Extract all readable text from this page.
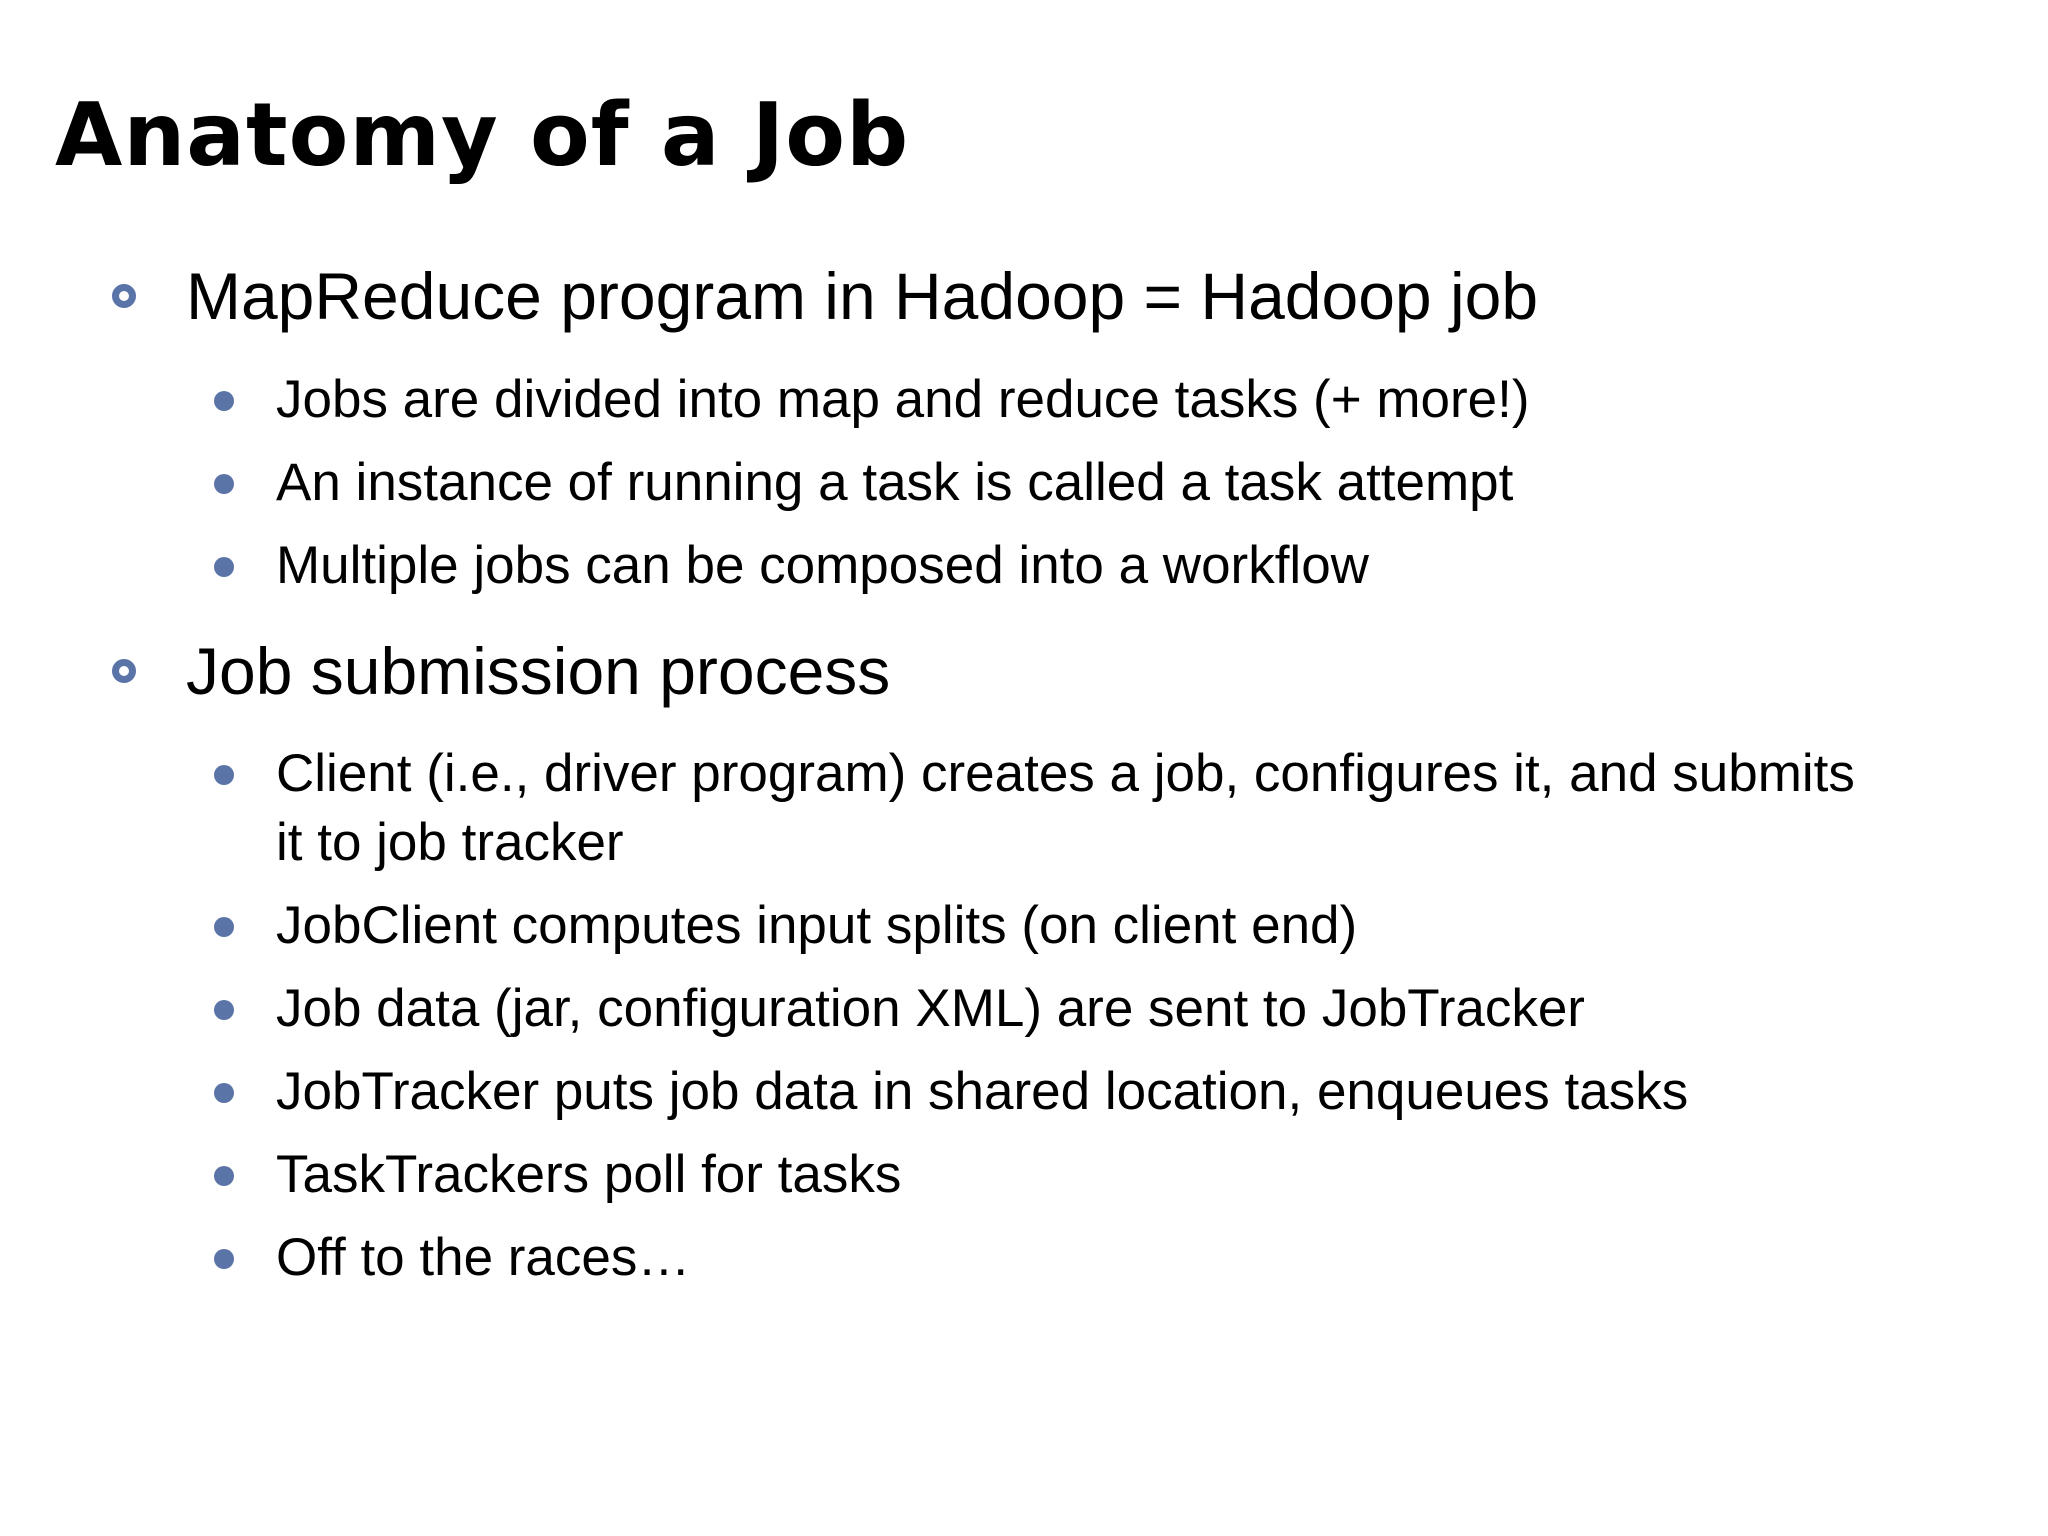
Anatomy of a Job
MapReduce program in Hadoop = Hadoop job
Jobs are divided into map and reduce tasks (+ more!)
An instance of running a task is called a task attempt
Multiple jobs can be composed into a workflow
Job submission process
Client (i.e., driver program) creates a job, configures it, and submits it to job tracker
JobClient computes input splits (on client end)
Job data (jar, configuration XML) are sent to JobTracker
JobTracker puts job data in shared location, enqueues tasks
TaskTrackers poll for tasks
Off to the races…
